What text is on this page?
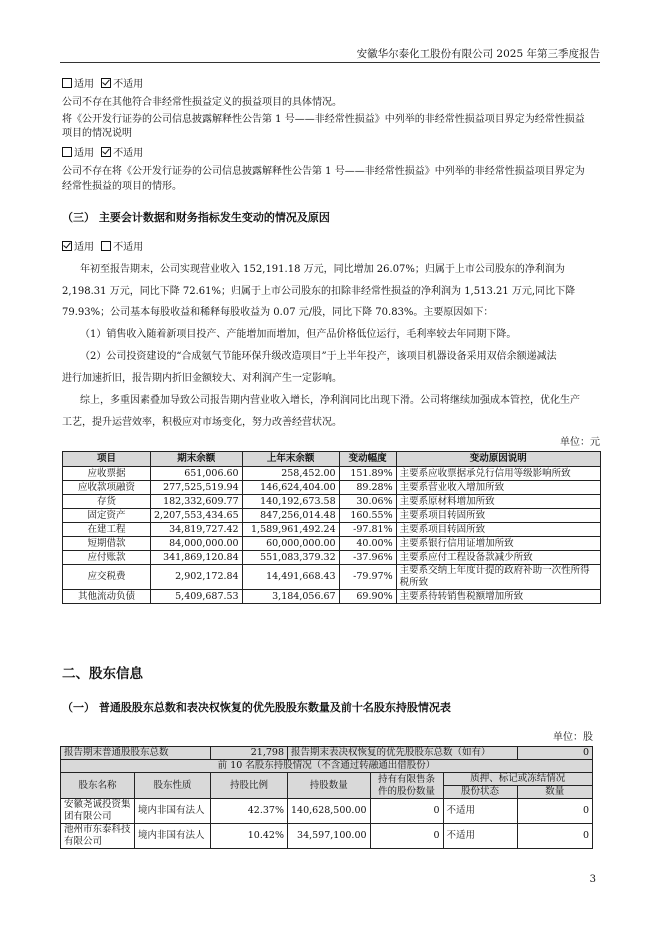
安徽华尔泰化工股份有限公司 2025 年第三季度报告
适用 不适用
公司不存在其他符合非经常性损益定义的损益项目的具体情况。
将《公开发行证券的公司信息披露解释性公告第 1 号——非经常性损益》中列举的非经常性损益项目界定为经常性损益
项目的情况说明
适用 不适用
公司不存在将《公开发行证券的公司信息披露解释性公告第 1 号——非经常性损益》中列举的非经常性损益项目界定为
经常性损益的项目的情形。
（三） 主要会计数据和财务指标发生变动的情况及原因
适用 不适用
年初至报告期末，公司实现营业收入 152,191.18 万元，同比增加 26.07%；归属于上市公司股东的净利润为
2,198.31 万元，同比下降 72.61%；归属于上市公司股东的扣除非经常性损益的净利润为 1,513.21 万元,同比下降
79.93%；公司基本每股收益和稀释每股收益为 0.07 元/股，同比下降 70.83%。主要原因如下：
（1）销售收入随着新项目投产、产能增加而增加，但产品价格低位运行，毛利率较去年同期下降。
（2）公司投资建设的“合成氨气节能环保升级改造项目”于上半年投产，该项目机器设备采用双倍余额递减法
进行加速折旧，报告期内折旧金额较大、对利润产生一定影响。
综上，多重因素叠加导致公司报告期内营业收入增长，净利润同比出现下滑。公司将继续加强成本管控，优化生产
工艺，提升运营效率，积极应对市场变化，努力改善经营状况。
单位：元
项目	期末余额	上年末余额	变动幅度	变动原因说明
应收票据	651,006.60	258,452.00	151.89%	主要系应收票据承兑行信用等级影响所致
应收款项融资	277,525,519.94	146,624,404.00	89.28%	主要系营业收入增加所致
存货	182,332,609.77	140,192,673.58	30.06%	主要系原材料增加所致
固定资产	2,207,553,434.65	847,256,014.48	160.55%	主要系项目转固所致
在建工程	34,819,727.42	1,589,961,492.24	-97.81%	主要系项目转固所致
短期借款	84,000,000.00	60,000,000.00	40.00%	主要系银行信用证增加所致
应付账款	341,869,120.84	551,083,379.32	-37.96%	主要系应付工程设备款减少所致
应交税费	2,902,172.84	14,491,668.43	-79.97%	主要系交纳上年度计提的政府补助一次性所得税所致
其他流动负债	5,409,687.53	3,184,056.67	69.90%	主要系待转销售税额增加所致
二、股东信息
（一） 普通股股东总数和表决权恢复的优先股股东数量及前十名股东持股情况表
单位：股
报告期末普通股股东总数		21,798	报告期末表决权恢复的优先股股东总数（如有）			0
前 10 名股东持股情况（不含通过转融通出借股份）						
股东名称	股东性质	持股比例	持股数量	持有有限售条件的股份数量	质押、标记或冻结情况	
					股份状态	数量
安徽尧诚投资集团有限公司	境内非国有法人	42.37%	140,628,500.00	0	不适用	0
池州市东泰科技有限公司	境内非国有法人	10.42%	34,597,100.00	0	不适用	0
3
